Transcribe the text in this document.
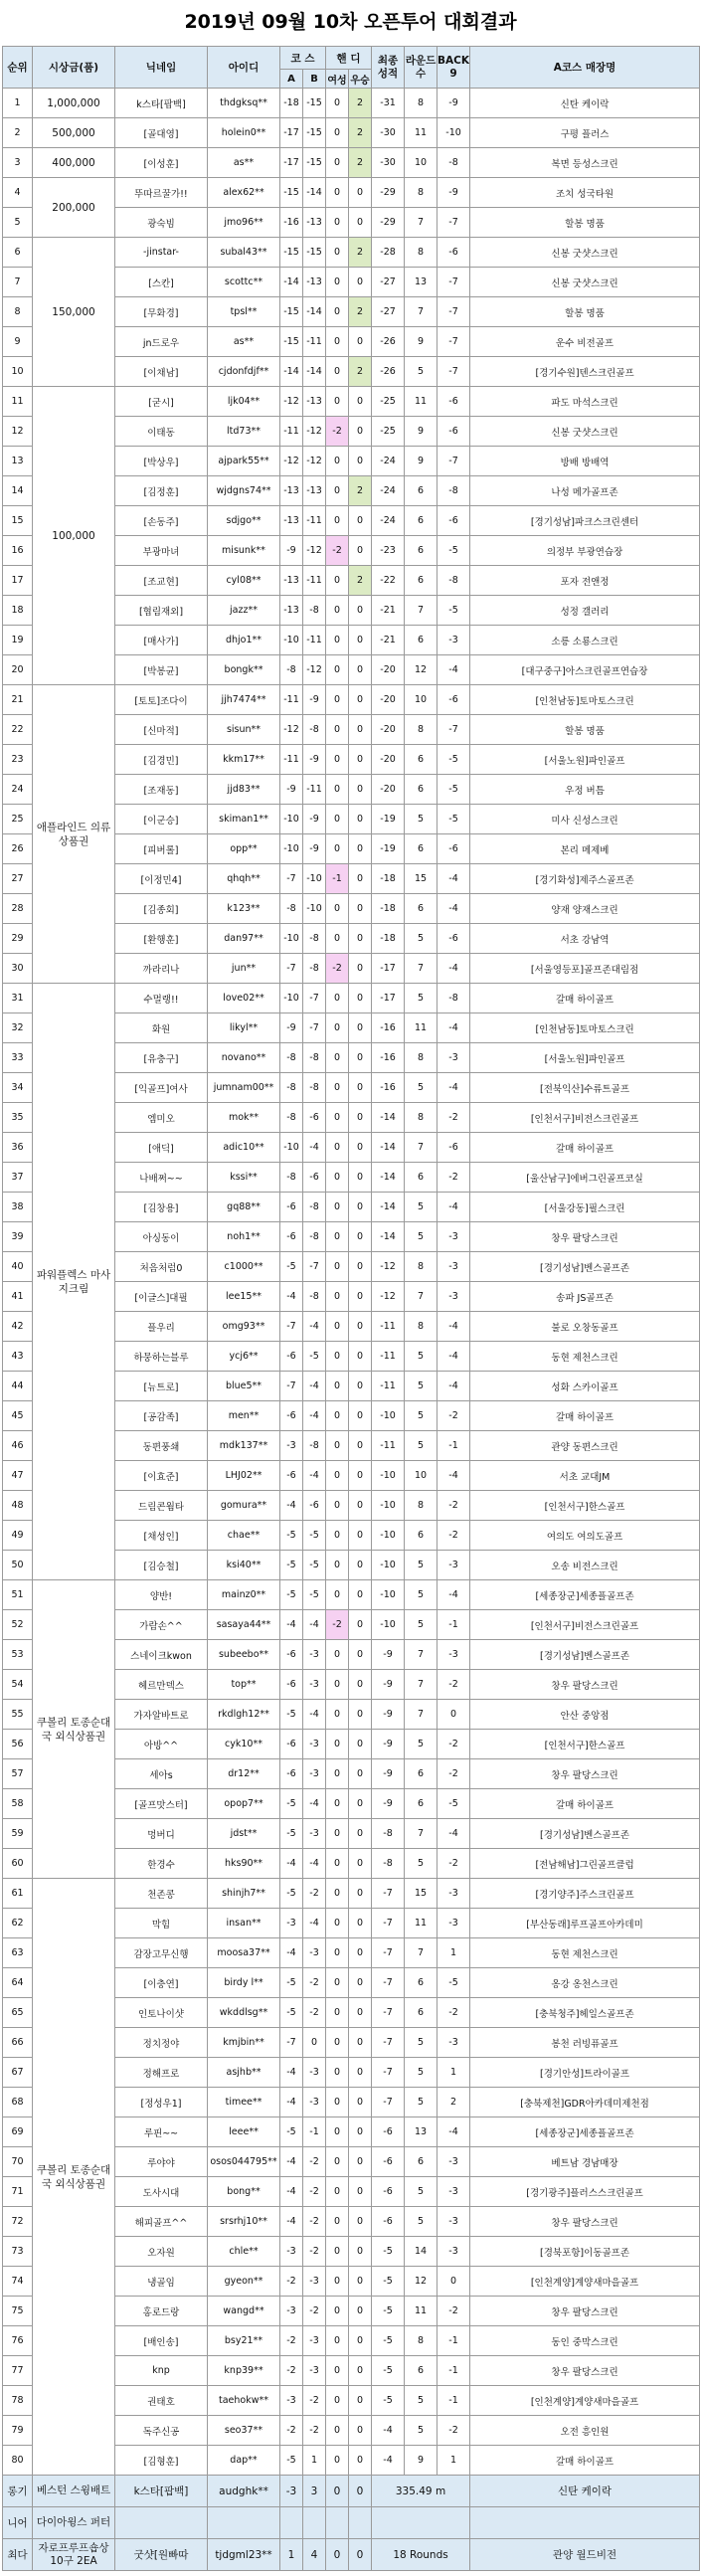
2019년 09월 10차 오픈투어 대회결과
순위	시상금(품)	닉네임	아이디	코 스		핸 디		최종 성적	라운드 수	BACK 9	A코스 매장명
				A	B	여성	우승				
1	1,000,000	k스타[팝백]	thdgksq**	-18	-15	0	2	-31	8	-9	신탄 케이락
2	500,000	[골대영]	holein0**	-17	-15	0	2	-30	11	-10	구평 플러스
3	400,000	[이성훈]	as**	-17	-15	0	2	-30	10	-8	복면 등성스크린
4	200,000	뚜따르꿀가!!	alex62**	-15	-14	0	0	-29	8	-9	조치 성국타원
5		광숙빔	jmo96**	-16	-13	0	0	-29	7	-7	할봉 명품
6	150,000	-jinstar-	subal43**	-15	-15	0	2	-28	8	-6	신봉 굿샷스크린
7		[스칸]	scottc**	-14	-13	0	0	-27	13	-7	신봉 굿샷스크린
8		[무화경]	tpsl**	-15	-14	0	2	-27	7	-7	할봉 명품
9		jn드로우	as**	-15	-11	0	0	-26	9	-7	운수 비전골프
10		[이채남]	cjdonfdjf**	-14	-14	0	2	-26	5	-7	[경기수원]텐스크린골프
11	100,000	[굳시]	ljk04**	-12	-13	0	0	-25	11	-6	파도 마석스크린
12		이태동	ltd73**	-11	-12	-2	0	-25	9	-6	신봉 굿샷스크린
13		[박상우]	ajpark55**	-12	-12	0	0	-24	9	-7	방배 방배역
14		[김정훈]	wjdgns74**	-13	-13	0	2	-24	6	-8	나성 메가골프존
15		[손동주]	sdjgo**	-13	-11	0	0	-24	6	-6	[경기성남]파크스크린센터
16		부광마녀	misunk**	-9	-12	-2	0	-23	6	-5	의정부 부광연습장
17		[조교현]	cyl08**	-13	-11	0	2	-22	6	-8	포자 전앤정
18		[협림재외]	jazz**	-13	-8	0	0	-21	7	-5	성정 갤러리
19		[매사가]	dhjo1**	-10	-11	0	0	-21	6	-3	소릉 소룡스크린
20		[박봉균]	bongk**	-8	-12	0	0	-20	12	-4	[대구중구]아스크린골프연습장
21	애플라인드 의류상품권	[토토]조다이	jjh7474**	-11	-9	0	0	-20	10	-6	[인천남동]토마토스크린
22		[신마적]	sisun**	-12	-8	0	0	-20	8	-7	할봉 명품
23		[김경민]	kkm17**	-11	-9	0	0	-20	6	-5	[서울노원]파인골프
24		[조재동]	jjd83**	-9	-11	0	0	-20	6	-5	우정 버틈
25		[이군승]	skiman1**	-10	-9	0	0	-19	5	-5	미사 신성스크린
26		[피버롤]	opp**	-10	-9	0	0	-19	6	-6	본리 메제베
27		[이정민4]	qhqh**	-7	-10	-1	0	-18	15	-4	[경기화성]제주스골프존
28		[김종회]	k123**	-8	-10	0	0	-18	6	-4	양재 양재스크린
29		[환행훈]	dan97**	-10	-8	0	0	-18	5	-6	서초 강남역
30		까라리나	jun**	-7	-8	-2	0	-17	7	-4	[서울영등포]골프존대림점
31	파워플렉스 마사지크림	수멀랭!!	love02**	-10	-7	0	0	-17	5	-8	갈매 하이골프
32		화원	likyl**	-9	-7	0	0	-16	11	-4	[인천남동]토마토스크린
33		[유충구]	novano**	-8	-8	0	0	-16	8	-3	[서울노원]파인골프
34		[익골프]여사	jumnam00**	-8	-8	0	0	-16	5	-4	[전북익산]수류트골프
35		엠미오	mok**	-8	-6	0	0	-14	8	-2	[인천서구]비전스크린골프
36		[애딕]	adic10**	-10	-4	0	0	-14	7	-6	갈매 하이골프
37		나배쩌~~	kssi**	-8	-6	0	0	-14	6	-2	[울산남구]에버그린골프코실
38		[김창용]	gq88**	-6	-8	0	0	-14	5	-4	[서울강동]필스크린
39		아싱동이	noh1**	-6	-8	0	0	-14	5	-3	창우 팔당스크린
40		처음처럼0	c1000**	-5	-7	0	0	-12	8	-3	[경기성남]벤스골프존
41		[이글스]대필	lee15**	-4	-8	0	0	-12	7	-3	송파 JS골프존
42		플우리	omg93**	-7	-4	0	0	-11	8	-4	불로 오창동골프
43		하뭉하는블루	ycj6**	-6	-5	0	0	-11	5	-4	동현 제천스크린
44		[뉴트로]	blue5**	-7	-4	0	0	-11	5	-4	성화 스카이골프
45		[공감족]	men**	-6	-4	0	0	-10	5	-2	갈매 하이골프
46		동편풍쇄	mdk137**	-3	-8	0	0	-11	5	-1	관양 동편스크린
47		[이효준]	LHJ02**	-6	-4	0	0	-10	10	-4	서초 교대JM
48		드림콘웜타	gomura**	-4	-6	0	0	-10	8	-2	[인천서구]한스골프
49		[채성인]	chae**	-5	-5	0	0	-10	6	-2	여의도 여의도골프
50		[김승철]	ksi40**	-5	-5	0	0	-10	5	-3	오송 비전스크린
51	쿠볼리 토종순대국 외식상품권	양반!	mainz0**	-5	-5	0	0	-10	5	-4	[세종장군]세종플골프존
52		가람손^^	sasaya44**	-4	-4	-2	0	-10	5	-1	[인천서구]비전스크린골프
53		스네이크kwon	subeebo**	-6	-3	0	0	-9	7	-3	[경기성남]벤스골프존
54		헤르만덱스	top**	-6	-3	0	0	-9	7	-2	창우 팔당스크린
55		가자알바트로	rkdlgh12**	-5	-4	0	0	-9	7	0	안산 중앙점
56		아방^^	cyk10**	-6	-3	0	0	-9	5	-2	[인천서구]한스골프
57		세아s	dr12**	-6	-3	0	0	-9	6	-2	창우 팔당스크린
58		[골프맛스터]	opop7**	-5	-4	0	0	-9	6	-5	갈매 하이골프
59		멍버디	jdst**	-5	-3	0	0	-8	7	-4	[경기성남]벤스골프존
60		한경수	hks90**	-4	-4	0	0	-8	5	-2	[전남해남]그린골프클럽
61	쿠볼리 토종순대국 외식상품권	천존콩	shinjh7**	-5	-2	0	0	-7	15	-3	[경기양주]주스크린골프
62		막힘	insan**	-3	-4	0	0	-7	11	-3	[부산동래]루프골프아카데미
63		감장고무신행	moosa37**	-4	-3	0	0	-7	7	1	동현 제천스크린
64		[이충연]	birdy l**	-5	-2	0	0	-7	6	-5	옹강 옹천스크린
65		인토나이샷	wkddlsg**	-5	-2	0	0	-7	6	-2	[충북청주]헤일스골프존
66		정치정야	kmjbin**	-7	0	0	0	-7	5	-3	봉천 러빙퓨골프
67		정해프로	asjhb**	-4	-3	0	0	-7	5	1	[경기안성]트라이골프
68		[정성우1]	timee**	-4	-3	0	0	-7	5	2	[충북제천]GDR아카데미제천점
69		루핀~~	leee**	-5	-1	0	0	-6	13	-4	[세종장군]세종플골프존
70		루야야	osos044795**	-4	-2	0	0	-6	6	-3	베트남 경남매장
71		도사시대	bong**	-4	-2	0	0	-6	5	-3	[경기광주]플러스스크린골프
72		해피골프^^	srsrhj10**	-4	-2	0	0	-6	5	-3	창우 팔당스크린
73		오자원	chle**	-3	-2	0	0	-5	14	-3	[경북포항]이동골프존
74		냉골임	gyeon**	-2	-3	0	0	-5	12	0	[인천계양]계양새마을골프
75		홍로드랑	wangd**	-3	-2	0	0	-5	11	-2	창우 팔당스크린
76		[배인송]	bsy21**	-2	-3	0	0	-5	8	-1	동인 중막스크린
77		knp	knp39**	-2	-3	0	0	-5	6	-1	창우 팔당스크린
78		권태호	taehokw**	-3	-2	0	0	-5	5	-1	[인천계양]계양새마을골프
79		독주신공	seo37**	-2	-2	0	0	-4	5	-2	오전 흥인원
80		[김형훈]	dap**	-5	1	0	0	-4	9	1	갈매 하이골프
롱기	베스턴 스윙배트	k스타[팝백]	audghk**	-3	3	0	0	335.49 m			신탄 케이락
니어	다이아윙스 퍼터										
최다	자로프루프숍상 10구 2EA	굿샷[원빠따	tjdgml23**	1	4	0	0	18 Rounds			관양 월드비전
